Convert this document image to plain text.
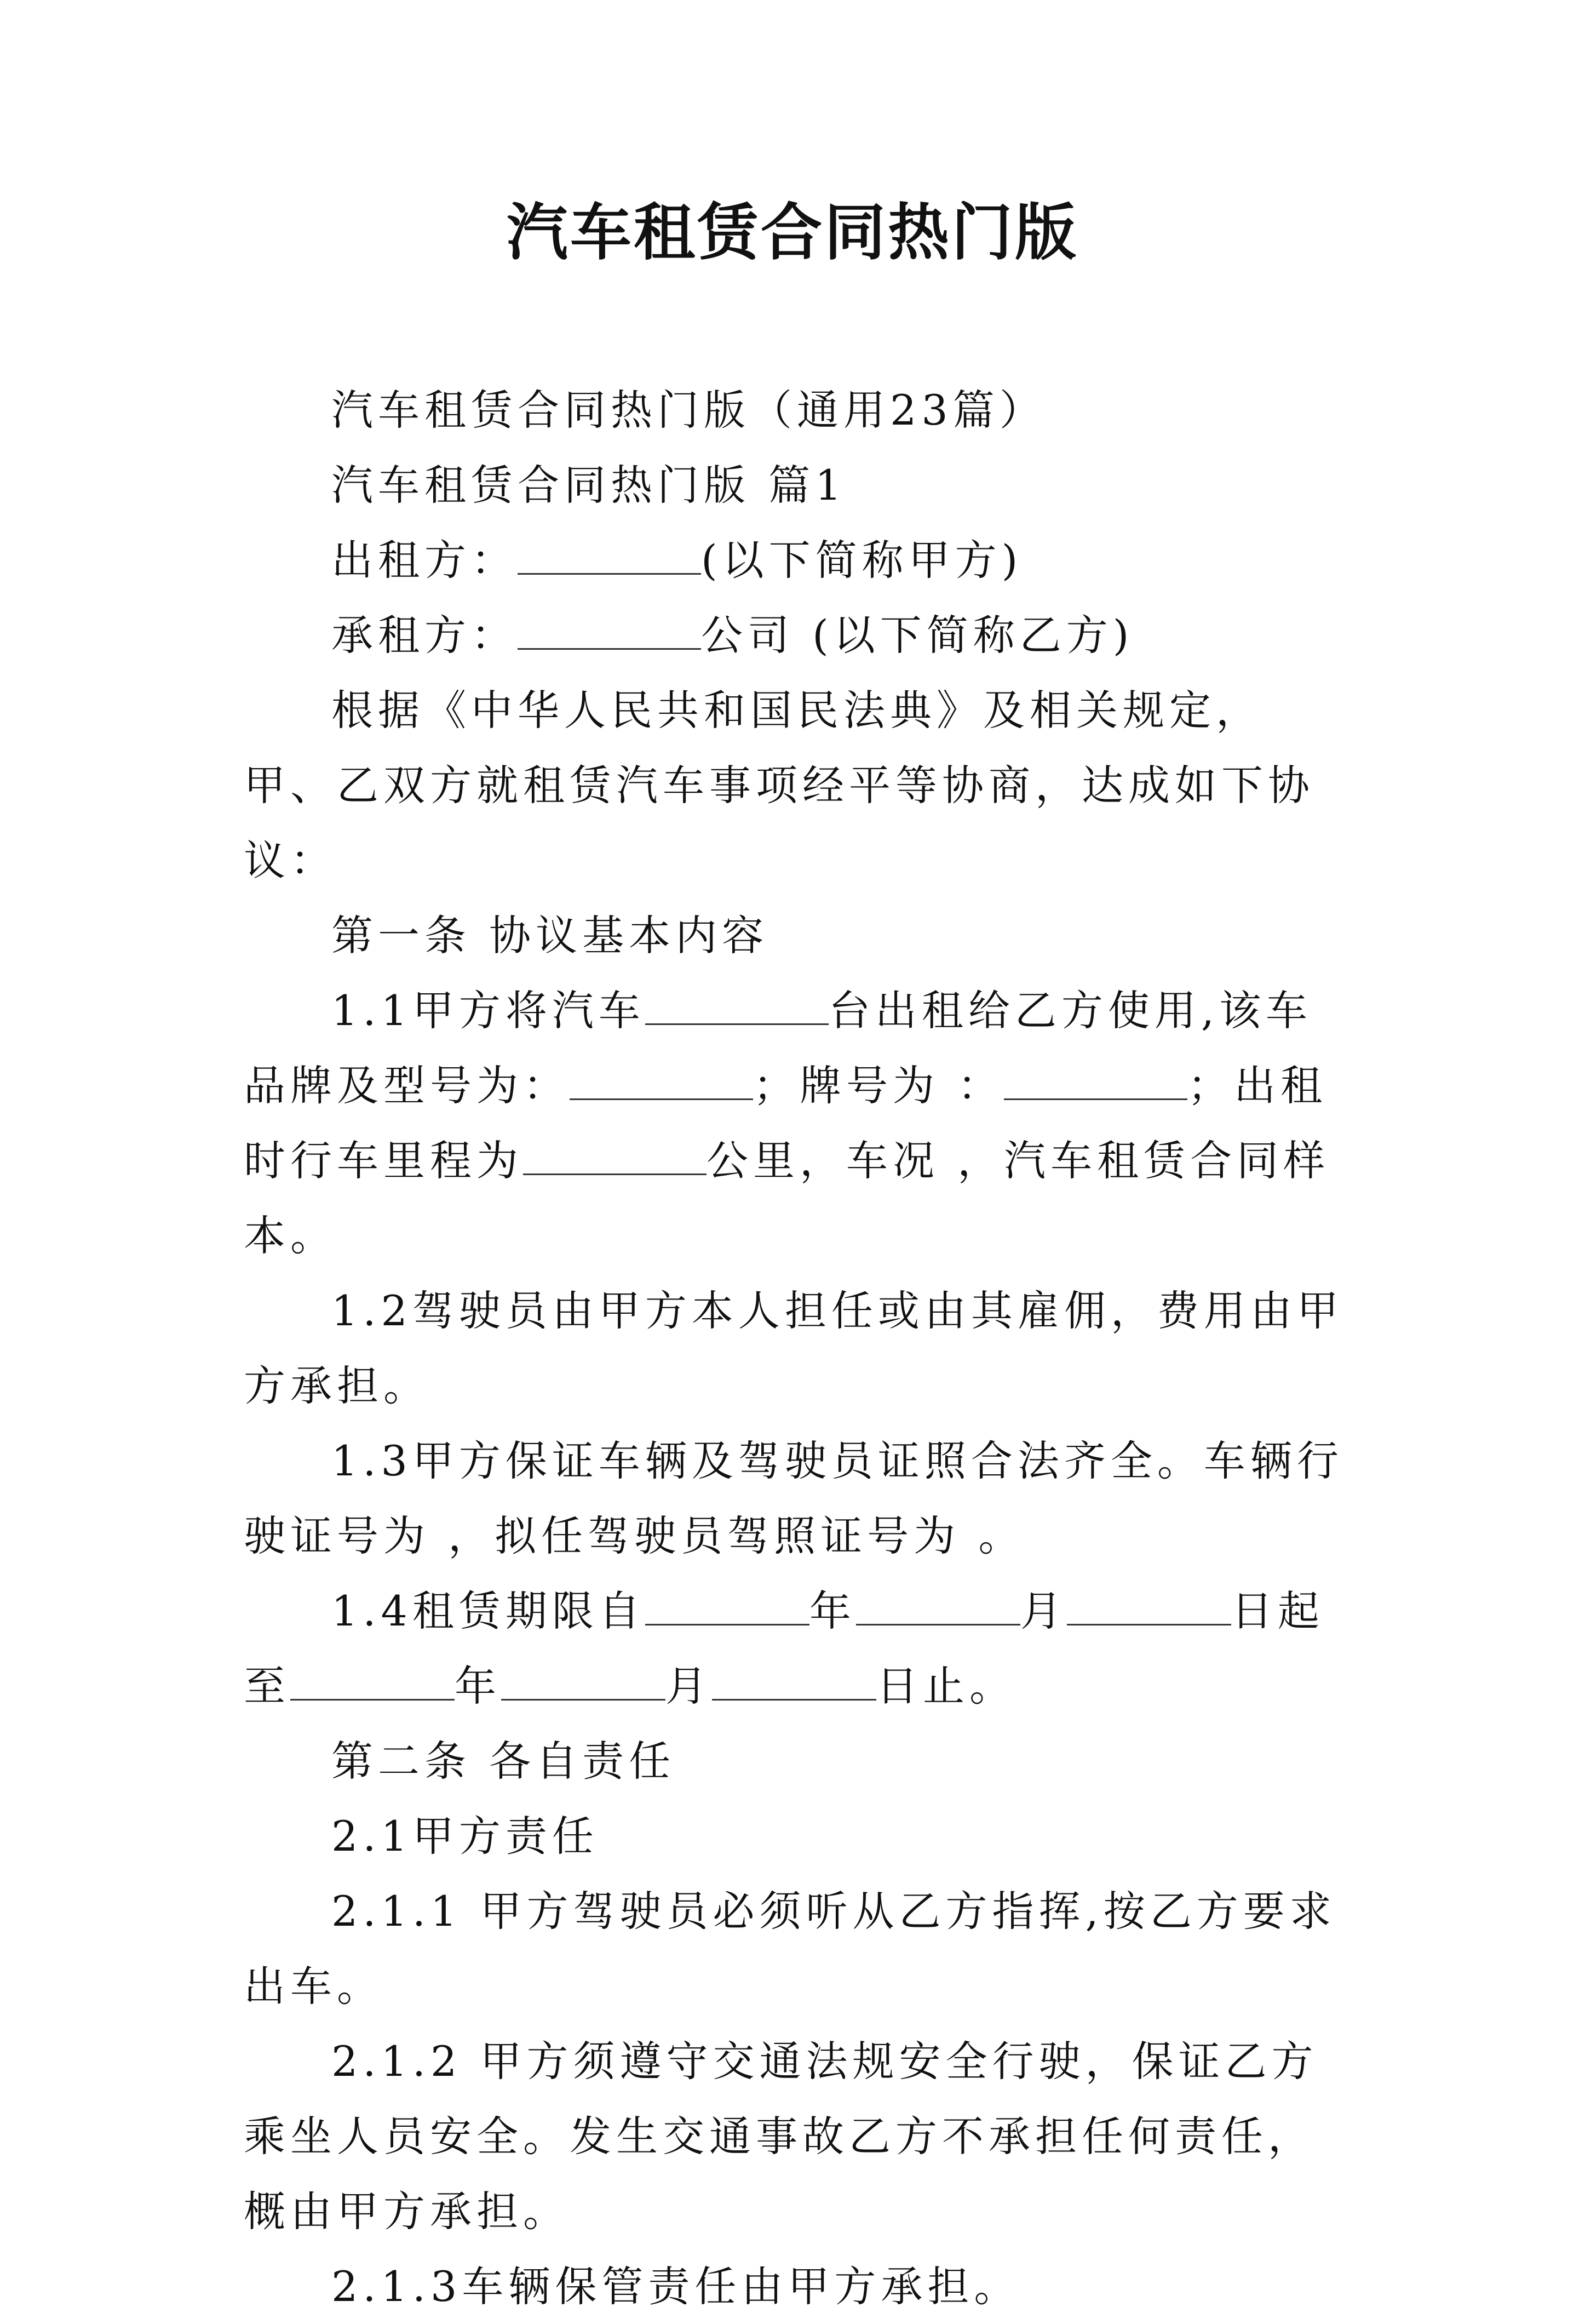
汽车租赁合同热门版

汽车租赁合同热门版（通用23篇）

汽车租赁合同热门版 篇1

出租方：	(以下简称甲方)

承租方：	公司 (以下简称乙方)

根据《中华人民共和国民法典》及相关规定，甲、乙双方就租赁汽车事项经平等协商，达成如下协议：

第一条 协议基本内容

1.1甲方将汽车	台出租给乙方使用,该车品牌及型号为：	；牌号为 ：	；出租时行车里程为	公里，车况 ，汽车租赁合同样本。

1.2驾驶员由甲方本人担任或由其雇佣，费用由甲方承担。

1.3甲方保证车辆及驾驶员证照合法齐全。车辆行驶证号为 ，拟任驾驶员驾照证号为 。

1.4租赁期限自	年	月	日起至	年	月	日止。

第二条 各自责任

2.1甲方责任

2.1.1 甲方驾驶员必须听从乙方指挥,按乙方要求出车。

2.1.2 甲方须遵守交通法规安全行驶，保证乙方乘坐人员安全。发生交通事故乙方不承担任何责任，概由甲方承担。

2.1.3车辆保管责任由甲方承担。
